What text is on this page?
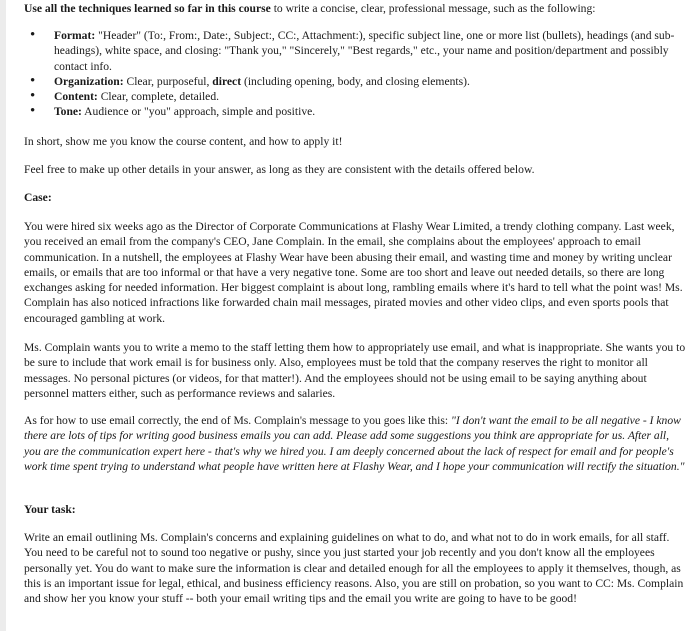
Use all the techniques learned so far in this course to write a concise, clear, professional message, such as the following:

• Format: "Header" (To:, From:, Date:, Subject:, CC:, Attachment:), specific subject line, one or more list (bullets), headings (and sub-headings), white space, and closing: "Thank you," "Sincerely," "Best regards," etc., your name and position/department and possibly contact info.
• Organization: Clear, purposeful, direct (including opening, body, and closing elements).
• Content: Clear, complete, detailed.
• Tone: Audience or "you" approach, simple and positive.

In short, show me you know the course content, and how to apply it!

Feel free to make up other details in your answer, as long as they are consistent with the details offered below.

Case:

You were hired six weeks ago as the Director of Corporate Communications at Flashy Wear Limited, a trendy clothing company. Last week, you received an email from the company's CEO, Jane Complain. In the email, she complains about the employees' approach to email communication. In a nutshell, the employees at Flashy Wear have been abusing their email, and wasting time and money by writing unclear emails, or emails that are too informal or that have a very negative tone. Some are too short and leave out needed details, so there are long exchanges asking for needed information. Her biggest complaint is about long, rambling emails where it's hard to tell what the point was! Ms. Complain has also noticed infractions like forwarded chain mail messages, pirated movies and other video clips, and even sports pools that encouraged gambling at work.

Ms. Complain wants you to write a memo to the staff letting them how to appropriately use email, and what is inappropriate. She wants you to be sure to include that work email is for business only. Also, employees must be told that the company reserves the right to monitor all messages. No personal pictures (or videos, for that matter!). And the employees should not be using email to be saying anything about personnel matters either, such as performance reviews and salaries.

As for how to use email correctly, the end of Ms. Complain's message to you goes like this: "I don't want the email to be all negative - I know there are lots of tips for writing good business emails you can add. Please add some suggestions you think are appropriate for us. After all, you are the communication expert here - that's why we hired you. I am deeply concerned about the lack of respect for email and for people's work time spent trying to understand what people have written here at Flashy Wear, and I hope your communication will rectify the situation."

Your task:

Write an email outlining Ms. Complain's concerns and explaining guidelines on what to do, and what not to do in work emails, for all staff. You need to be careful not to sound too negative or pushy, since you just started your job recently and you don't know all the employees personally yet. You do want to make sure the information is clear and detailed enough for all the employees to apply it themselves, though, as this is an important issue for legal, ethical, and business efficiency reasons. Also, you are still on probation, so you want to CC: Ms. Complain and show her you know your stuff -- both your email writing tips and the email you write are going to have to be good!
